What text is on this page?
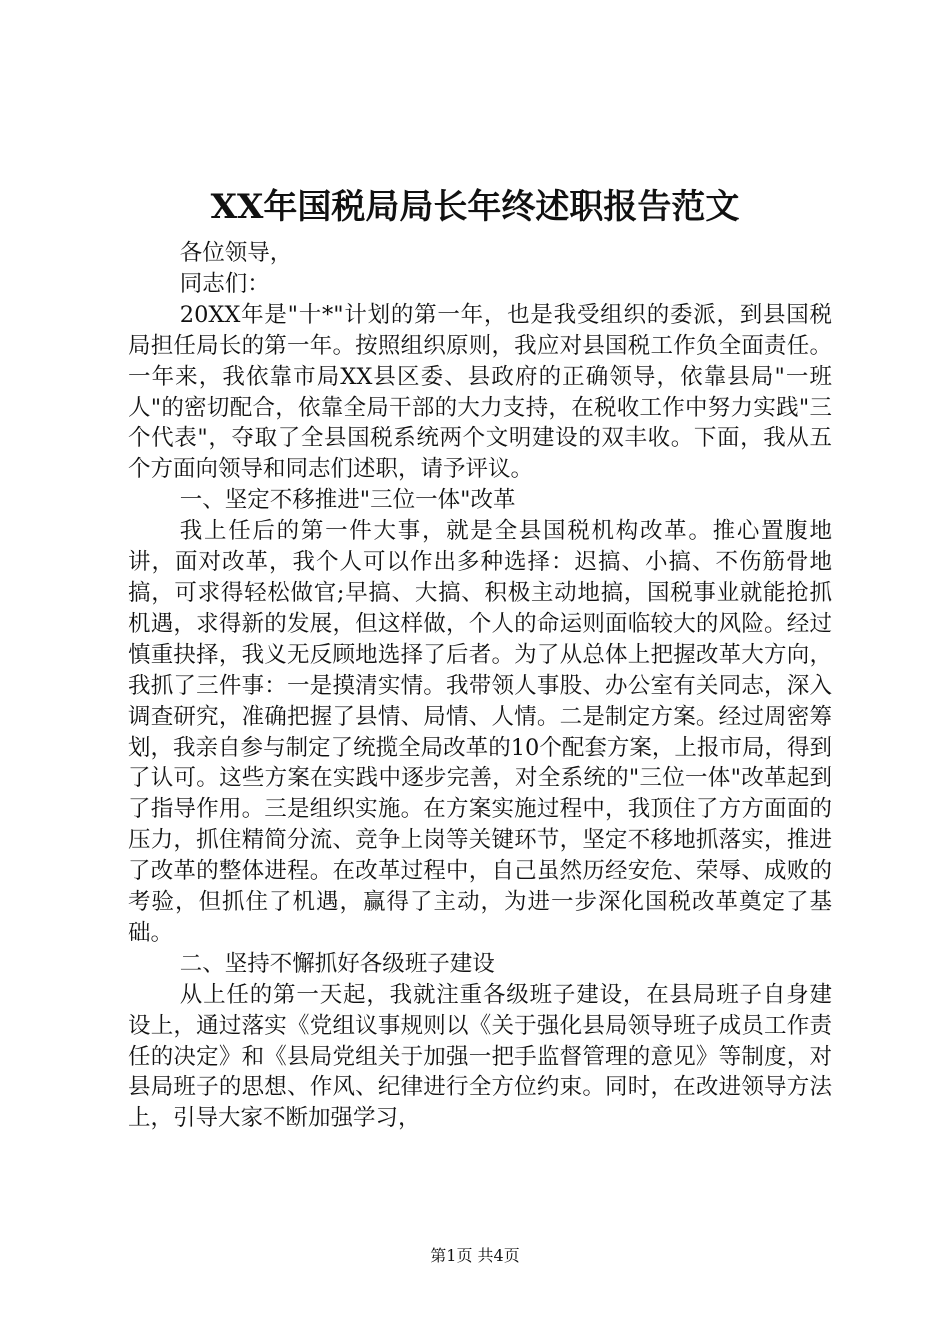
XX年国税局局长年终述职报告范文

各位领导，

同志们：

20XX年是"十*"计划的第一年，也是我受组织的委派，到县国税局担任局长的第一年。按照组织原则，我应对县国税工作负全面责任。一年来，我依靠市局XX县区委、县政府的正确领导，依靠县局"一班人"的密切配合，依靠全局干部的大力支持，在税收工作中努力实践"三个代表"，夺取了全县国税系统两个文明建设的双丰收。下面，我从五个方面向领导和同志们述职，请予评议。

一、坚定不移推进"三位一体"改革

我上任后的第一件大事，就是全县国税机构改革。推心置腹地讲，面对改革，我个人可以作出多种选择：迟搞、小搞、不伤筋骨地搞，可求得轻松做官;早搞、大搞、积极主动地搞，国税事业就能抢抓机遇，求得新的发展，但这样做，个人的命运则面临较大的风险。经过慎重抉择，我义无反顾地选择了后者。为了从总体上把握改革大方向，我抓了三件事：一是摸清实情。我带领人事股、办公室有关同志，深入调查研究，准确把握了县情、局情、人情。二是制定方案。经过周密筹划，我亲自参与制定了统揽全局改革的10个配套方案，上报市局，得到了认可。这些方案在实践中逐步完善，对全系统的"三位一体"改革起到了指导作用。三是组织实施。在方案实施过程中，我顶住了方方面面的压力，抓住精简分流、竞争上岗等关键环节，坚定不移地抓落实，推进了改革的整体进程。在改革过程中，自己虽然历经安危、荣辱、成败的考验，但抓住了机遇，赢得了主动，为进一步深化国税改革奠定了基础。

二、坚持不懈抓好各级班子建设

从上任的第一天起，我就注重各级班子建设，在县局班子自身建设上，通过落实《党组议事规则以《关于强化县局领导班子成员工作责任的决定》和《县局党组关于加强一把手监督管理的意见》等制度，对县局班子的思想、作风、纪律进行全方位约束。同时，在改进领导方法上，引导大家不断加强学习，

第1页 共4页
